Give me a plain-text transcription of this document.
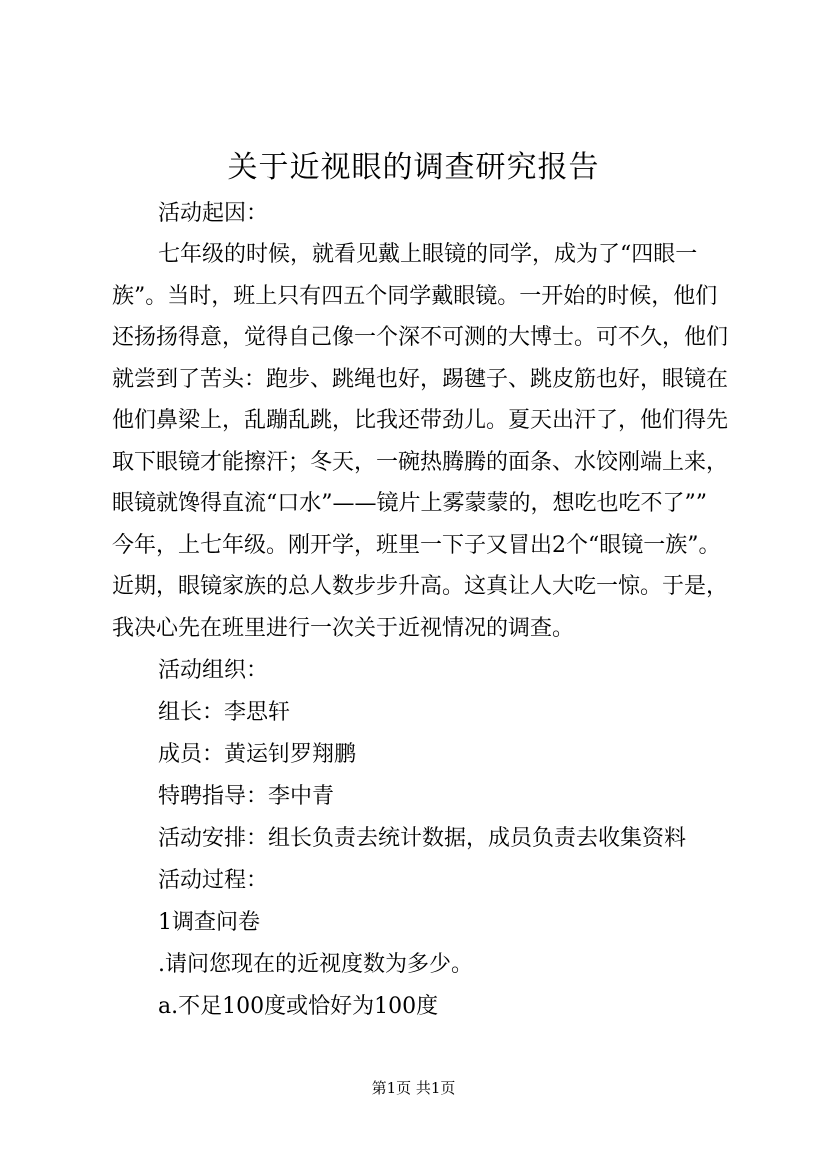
关于近视眼的调查研究报告
活动起因：
七年级的时候，就看见戴上眼镜的同学，成为了“四眼一
族”。当时，班上只有四五个同学戴眼镜。一开始的时候，他们
还扬扬得意，觉得自己像一个深不可测的大博士。可不久，他们
就尝到了苦头：跑步、跳绳也好，踢毽子、跳皮筋也好，眼镜在
他们鼻梁上，乱蹦乱跳，比我还带劲儿。夏天出汗了，他们得先
取下眼镜才能擦汗；冬天，一碗热腾腾的面条、水饺刚端上来，
眼镜就馋得直流“口水”——镜片上雾蒙蒙的，想吃也吃不了””
今年，上七年级。刚开学，班里一下子又冒出2个“眼镜一族”。
近期，眼镜家族的总人数步步升高。这真让人大吃一惊。于是，
我决心先在班里进行一次关于近视情况的调查。
活动组织：
组长：李思轩
成员：黄运钊罗翔鹏
特聘指导：李中青
活动安排：组长负责去统计数据，成员负责去收集资料
活动过程：
1调查问卷
.请问您现在的近视度数为多少。
a.不足100度或恰好为100度
第1页 共1页
